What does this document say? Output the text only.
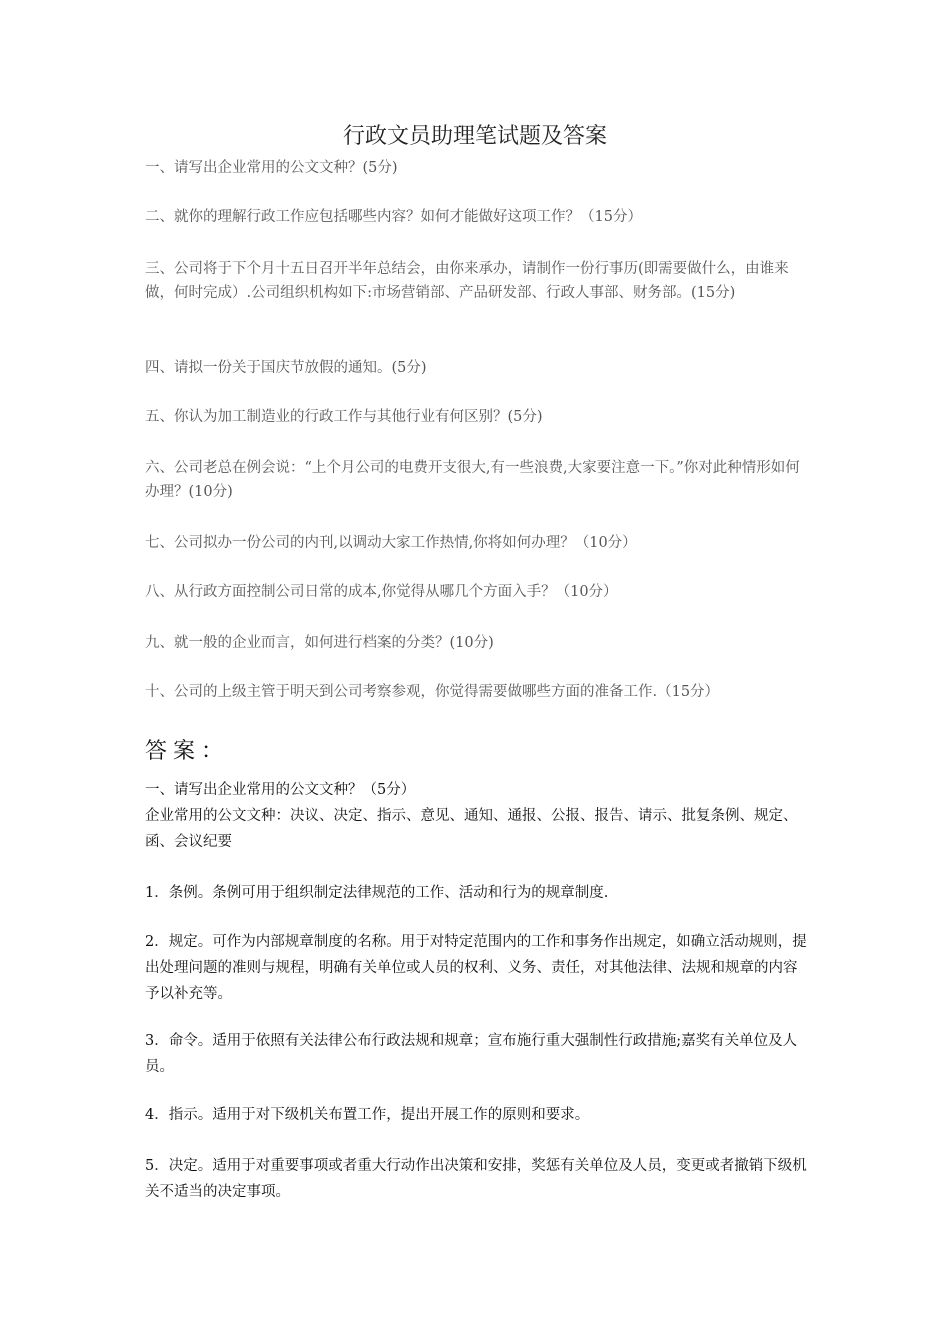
行政文员助理笔试题及答案

一、请写出企业常用的公文文种？(5分)

二、就你的理解行政工作应包括哪些内容？如何才能做好这项工作？（15分）

三、公司将于下个月十五日召开半年总结会，由你来承办，请制作一份行事历(即需要做什么，由谁来做，何时完成）.公司组织机构如下:市场营销部、产品研发部、行政人事部、财务部。(15分)

四、请拟一份关于国庆节放假的通知。(5分)

五、你认为加工制造业的行政工作与其他行业有何区别？(5分)

六、公司老总在例会说：“上个月公司的电费开支很大,有一些浪费,大家要注意一下。”你对此种情形如何办理？(10分)

七、公司拟办一份公司的内刊,以调动大家工作热情,你将如何办理？（10分）

八、从行政方面控制公司日常的成本,你觉得从哪几个方面入手？（10分）

九、就一般的企业而言，如何进行档案的分类？(10分)

十、公司的上级主管于明天到公司考察参观，你觉得需要做哪些方面的准备工作.（15分）

答案：

一、请写出企业常用的公文文种？（5分）
企业常用的公文文种：决议、决定、指示、意见、通知、通报、公报、报告、请示、批复条例、规定、函、会议纪要

1．条例。条例可用于组织制定法律规范的工作、活动和行为的规章制度.

2．规定。可作为内部规章制度的名称。用于对特定范围内的工作和事务作出规定，如确立活动规则，提出处理问题的准则与规程，明确有关单位或人员的权利、义务、责任，对其他法律、法规和规章的内容予以补充等。

3．命令。适用于依照有关法律公布行政法规和规章；宣布施行重大强制性行政措施;嘉奖有关单位及人员。

4．指示。适用于对下级机关布置工作，提出开展工作的原则和要求。

5．决定。适用于对重要事项或者重大行动作出决策和安排，奖惩有关单位及人员，变更或者撤销下级机关不适当的决定事项。
